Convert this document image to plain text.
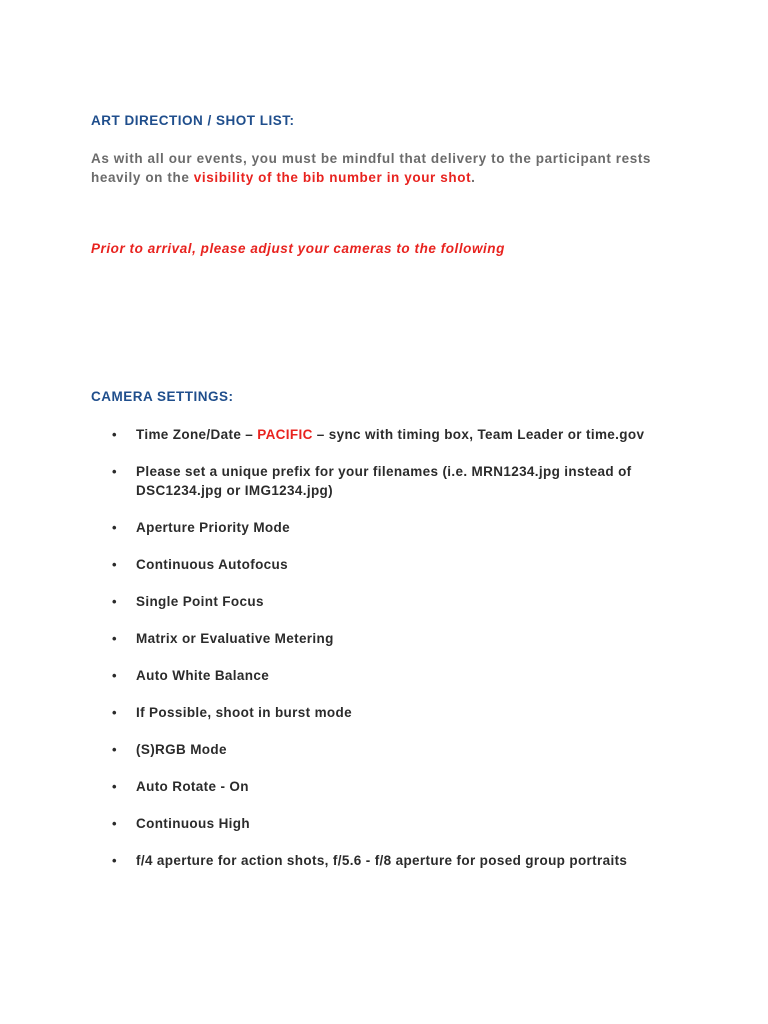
ART DIRECTION / SHOT LIST:
As with all our events, you must be mindful that delivery to the participant rests heavily on the visibility of the bib number in your shot.
Prior to arrival, please adjust your cameras to the following
CAMERA SETTINGS:
• Time Zone/Date – PACIFIC – sync with timing box, Team Leader or time.gov
• Please set a unique prefix for your filenames (i.e. MRN1234.jpg instead of DSC1234.jpg or IMG1234.jpg)
• Aperture Priority Mode
• Continuous Autofocus
• Single Point Focus
• Matrix or Evaluative Metering
• Auto White Balance
• If Possible, shoot in burst mode
• (S)RGB Mode
• Auto Rotate - On
• Continuous High
• f/4 aperture for action shots, f/5.6 - f/8 aperture for posed group portraits
